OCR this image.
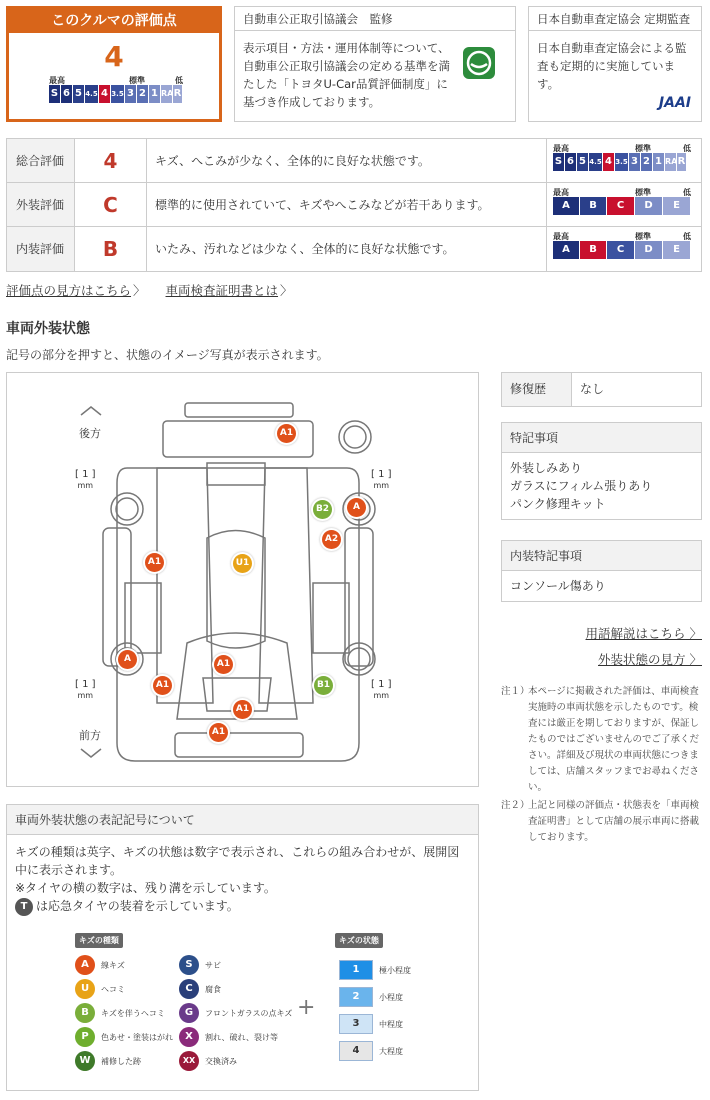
このクルマの評価点
4
最高	標準	低
S 6 5 4.5 4 3.5 3 2 1 RA R
自動車公正取引協議会　監修
表示項目・方法・運用体制等について、自動車公正取引協議会の定める基準を満たした「トヨタU-Car品質評価制度」に基づき作成しております。
日本自動車査定協会 定期監査
日本自動車査定協会による監査も定期的に実施しています。
JAAI
総合評価	4	キズ、へこみが少なく、全体的に良好な状態です。
最高	標準	低
S 6 5 4.5 4 3.5 3 2 1 RA R
外装評価	C	標準的に使用されていて、キズやへこみなどが若干あります。
最高	標準	低
A	B	C	D	E
内装評価	B	いたみ、汚れなどは少なく、全体的に良好な状態です。
最高	標準	低
A	B	C	D	E
評価点の見方はこちら 〉 車両検査証明書とは 〉
車両外装状態
記号の部分を押すと、状態のイメージ写真が表示されます。
後方
前方
[ 1 ]
mm
[ 1 ]
mm
[ 1 ]
mm
[ 1 ]
mm
A1
B2	A
A2
A1	U1
A	A1
A1	B1
A1
A1
修復歴	なし
特記事項
外装しみあり
ガラスにフィルム張りあり
パンク修理キット
内装特記事項
コンソール傷あり
用語解説はこちら 〉
外装状態の見方 〉
注１）
本ページに掲載された評価は、車両検査実施時の車両状態を示したものです。検査には厳正を期しておりますが、保証したものではございませんのでご了承ください。詳細及び現状の車両状態につきましては、店舗スタッフまでお尋ねください。
注２）
上記と同様の評価点・状態表を「車両検査証明書」として店舗の展示車両に搭載しております。
車両外装状態の表記記号について
キズの種類は英字、キズの状態は数字で表示され、これらの組み合わせが、展開図中に表示されます。
※タイヤの横の数字は、残り溝を示しています。
T は応急タイヤの装着を示しています。
キズの種類	キズの状態
+
A	線キズ
U	ヘコミ
B	キズを伴うヘコミ
P	色あせ・塗装はがれ
W	補修した跡
S	サビ
C	腐食
G	フロントガラスの点キズ
X	割れ、破れ、裂け等
XX	交換済み
1	極小程度
2	小程度
3	中程度
4	大程度
